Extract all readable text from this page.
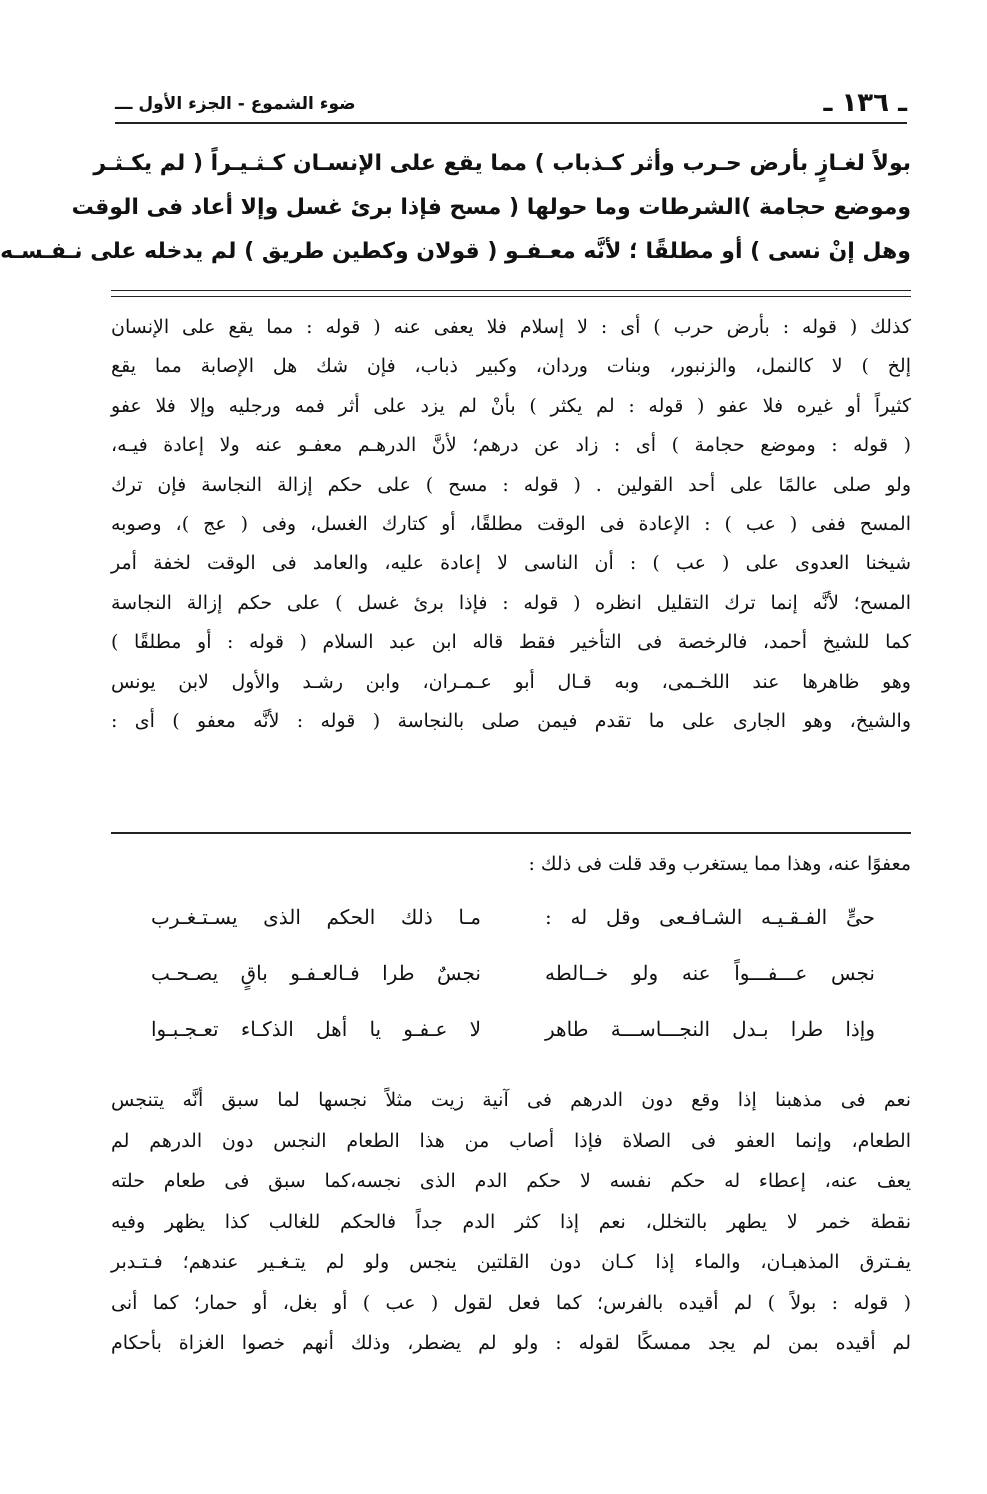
ـ ١٣٦ ـ
ضوء الشموع - الجزء الأول ـــ
بولاً لغـازٍ بأرض حـرب وأثر كـذباب ) مما يقع على الإنسـان كـثـيـراً ( لم يكـثـر
وموضع حجامة )الشرطات وما حولها ( مسح فإذا برئ غسل وإلا أعاد فى الوقت
وهل إنْ نسى ) أو مطلقًا ؛ لأنَّه معـفـو ( قولان وكطين طريق ) لم يدخله على نـفـسـه
كذلك ( قوله : بأرض حرب ) أى : لا إسلام فلا يعفى عنه ( قوله : مما يقع على الإنسان
إلخ ) لا كالنمل، والزنبور، وبنات وردان، وكبير ذباب، فإن شك هل الإصابة مما يقع
كثيراً أو غيره فلا عفو ( قوله : لم يكثر ) بأنْ لم يزد على أثر فمه ورجليه وإلا فلا عفو
( قوله : وموضع حجامة ) أى : زاد عن درهم؛ لأنَّ الدرهـم معفـو عنه ولا إعادة فيـه،
ولو صلى عالمًا على أحد القولين . ( قوله : مسح ) على حكم إزالة النجاسة فإن ترك
المسح ففى ( عب ) : الإعادة فى الوقت مطلقًا، أو كتارك الغسل، وفى ( عج )، وصوبه
شيخنا العدوى على ( عب ) : أن الناسى لا إعادة عليه، والعامد فى الوقت لخفة أمر
المسح؛ لأنَّه إنما ترك التقليل انظره ( قوله : فإذا برئ غسل ) على حكم إزالة النجاسة
كما للشيخ أحمد، فالرخصة فى التأخير فقط قاله ابن عبد السلام ( قوله : أو مطلقًا )
وهو ظاهرها عند اللخـمى، وبه قـال أبو عـمـران، وابن رشـد والأول لابن يونس
والشيخ، وهو الجارى على ما تقدم فيمن صلى بالنجاسة ( قوله : لأنَّه معفو ) أى :
معفوًا عنه، وهذا مما يستغرب وقد قلت فى ذلك :
حىٍّ الفـقـيـه الشـافـعى وقل له :
مـا ذلك الحكم الذى يسـتـغـرب
نجس عـــفـــواً عنه ولو خــالطه
نجسٌ طرا فـالعـفـو باقٍ يصـحـب
وإذا طرا بـدل النجـــاســـة طاهر
لا عـفـو يا أهل الذكـاء تعـجـبـوا
نعم فى مذهبنا إذا وقع دون الدرهم فى آنية زيت مثلاً نجسها لما سبق أنَّه يتنجس
الطعام، وإنما العفو فى الصلاة فإذا أصاب من هذا الطعام النجس دون الدرهم لم
يعف عنه، إعطاء له حكم نفسه لا حكم الدم الذى نجسه،كما سبق فى طعام حلته
نقطة خمر لا يطهر بالتخلل، نعم إذا كثر الدم جداً فالحكم للغالب كذا يظهر وفيه
يفـترق المذهبـان، والماء إذا كـان دون القلتين ينجس ولو لم يتـغـير عندهم؛ فـتـدبر
( قوله : بولاً ) لم أقيده بالفرس؛ كما فعل لقول ( عب ) أو بغل، أو حمار؛ كما أنى
لم أقيده بمن لم يجد ممسكًا لقوله : ولو لم يضطر، وذلك أنهم خصوا الغزاة بأحكام
